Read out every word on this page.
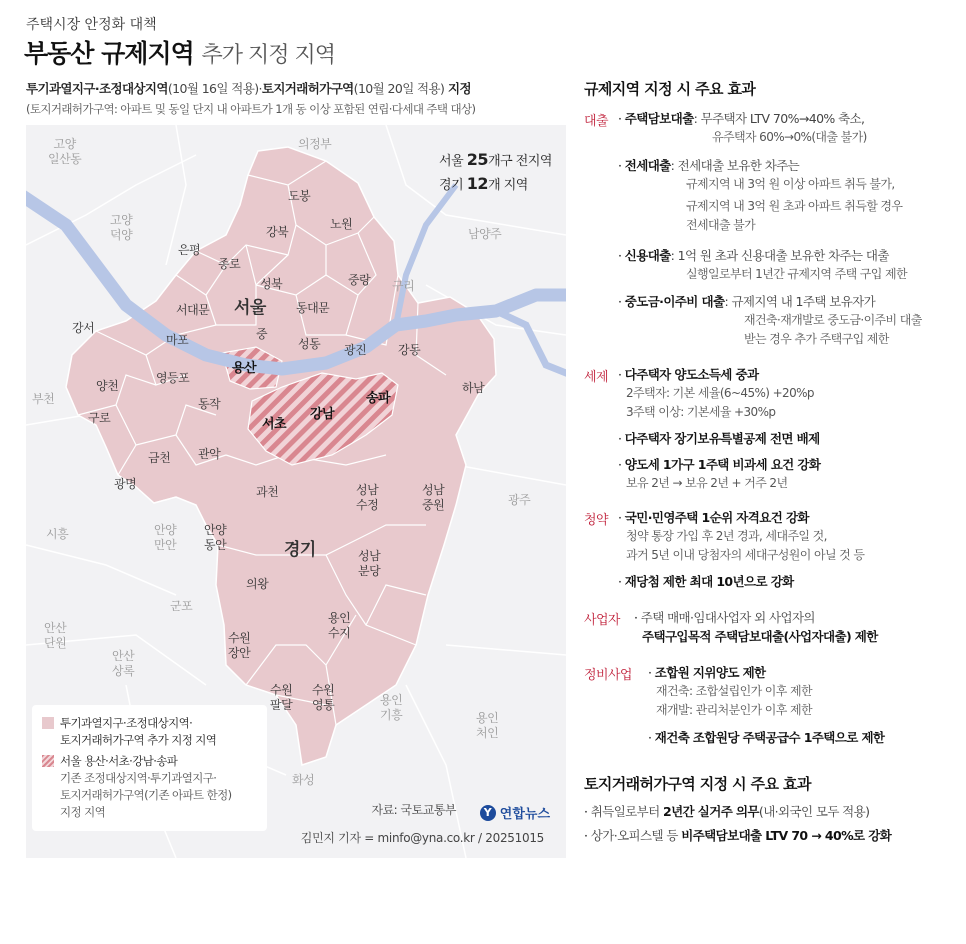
주택시장 안정화 대책
부동산 규제지역 추가 지정 지역
투기과열지구·조정대상지역(10월 16일 적용)·토지거래허가구역(10월 20일 적용) 지정
(토지거래허가구역: 아파트 및 동일 단지 내 아파트가 1개 동 이상 포함된 연립·다세대 주택 대상)
서울 25개구 전지역
경기 12개 지역
고양
일산동
고양
덕양
의정부
남양주
구리
부천
광주
시흥	안양
만안
군포
안산
단원
안산
상록
용인
기흥	용인
처인
화성
서울
경기
도봉
노원
강북
은평
종로
성북	중랑
서대문	동대문
중
강서
마포	성동 광진	강동
용산
양천
영등포
송파
하남
구로
동작
강남
서초
금천 관악
광명
과천	성남
수정
성남
중원
안양
동안
의왕
성남
분당
수원
장안
용인
수지
수원
팔달
수원
영통
투기과열지구·조정대상지역·
토지거래허가구역 추가 지정 지역
서울 용산·서초·강남·송파
기존 조정대상지역·투기과열지구·
토지거래허가구역(기존 아파트 한정)
지정 지역	자료: 국토교통부	Y 연합뉴스
김민지 기자 = minfo@yna.co.kr / 20251015
규제지역 지정 시 주요 효과
대출 · 주택담보대출: 무주택자 LTV 70%→40% 축소,
유주택자 60%→0%(대출 불가)
· 전세대출: 전세대출 보유한 차주는
규제지역 내 3억 원 이상 아파트 취득 불가,
규제지역 내 3억 원 초과 아파트 취득할 경우
전세대출 불가
· 신용대출: 1억 원 초과 신용대출 보유한 차주는 대출
실행일로부터 1년간 규제지역 주택 구입 제한
· 중도금·이주비 대출: 규제지역 내 1주택 보유자가
재건축·재개발로 중도금·이주비 대출
받는 경우 추가 주택구입 제한
세제 · 다주택자 양도소득세 중과
2주택자: 기본 세율(6~45%) +20%p
3주택 이상: 기본세율 +30%p
· 다주택자 장기보유특별공제 전면 배제
· 양도세 1가구 1주택 비과세 요건 강화
보유 2년 → 보유 2년 + 거주 2년
청약 · 국민·민영주택 1순위 자격요건 강화
청약 통장 가입 후 2년 경과, 세대주일 것,
과거 5년 이내 당첨자의 세대구성원이 아닐 것 등
· 재당첨 제한 최대 10년으로 강화
사업자 · 주택 매매·임대사업자 외 사업자의
주택구입목적 주택담보대출(사업자대출) 제한
정비사업 · 조합원 지위양도 제한
재건축: 조합설립인가 이후 제한
재개발: 관리처분인가 이후 제한
· 재건축 조합원당 주택공급수 1주택으로 제한
토지거래허가구역 지정 시 주요 효과
· 취득일로부터 2년간 실거주 의무(내·외국인 모두 적용)
· 상가·오피스텔 등 비주택담보대출 LTV 70 → 40%로 강화
